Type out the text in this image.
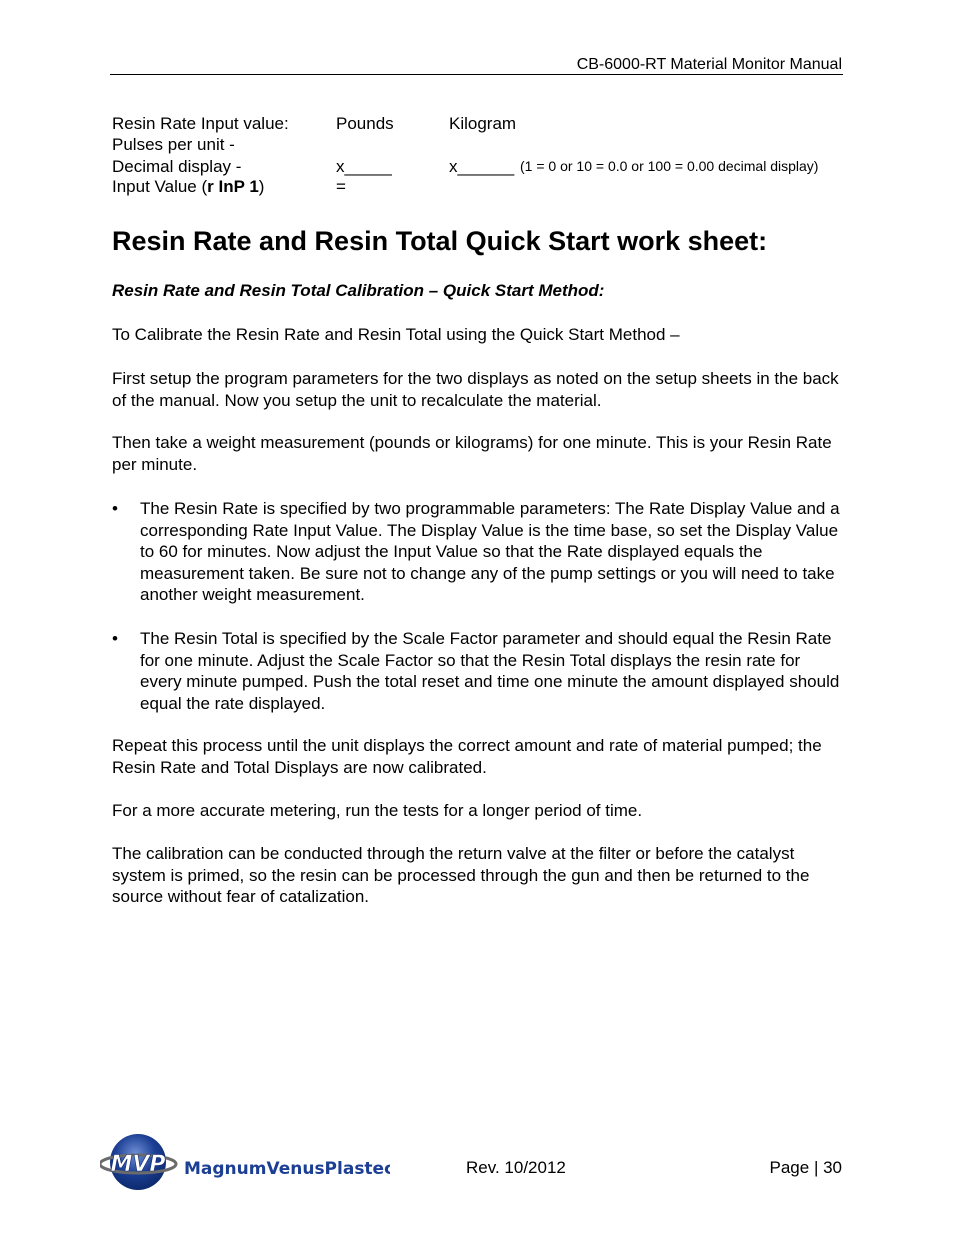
CB-6000-RT Material Monitor Manual
Resin Rate Input value:	Pounds	Kilogram
Pulses per unit -
Decimal display -	x_____	x______ (1 = 0 or 10 = 0.0 or 100 = 0.00 decimal display)
Input Value (r InP 1)	=
Resin Rate and Resin Total Quick Start work sheet:
Resin Rate and Resin Total Calibration – Quick Start Method:
To Calibrate the Resin Rate and Resin Total using the Quick Start Method –
First setup the program parameters for the two displays as noted on the setup sheets in the back of the manual. Now you setup the unit to recalculate the material.
Then take a weight measurement (pounds or kilograms) for one minute. This is your Resin Rate per minute.
• The Resin Rate is specified by two programmable parameters: The Rate Display Value and a corresponding Rate Input Value. The Display Value is the time base, so set the Display Value to 60 for minutes. Now adjust the Input Value so that the Rate displayed equals the measurement taken. Be sure not to change any of the pump settings or you will need to take another weight measurement.
• The Resin Total is specified by the Scale Factor parameter and should equal the Resin Rate for one minute. Adjust the Scale Factor so that the Resin Total displays the resin rate for every minute pumped. Push the total reset and time one minute the amount displayed should equal the rate displayed.
Repeat this process until the unit displays the correct amount and rate of material pumped; the Resin Rate and Total Displays are now calibrated.
For a more accurate metering, run the tests for a longer period of time.
The calibration can be conducted through the return valve at the filter or before the catalyst system is primed, so the resin can be processed through the gun and then be returned to the source without fear of catalization.
MVP MagnumVenusPlastech	Rev. 10/2012	Page | 30
